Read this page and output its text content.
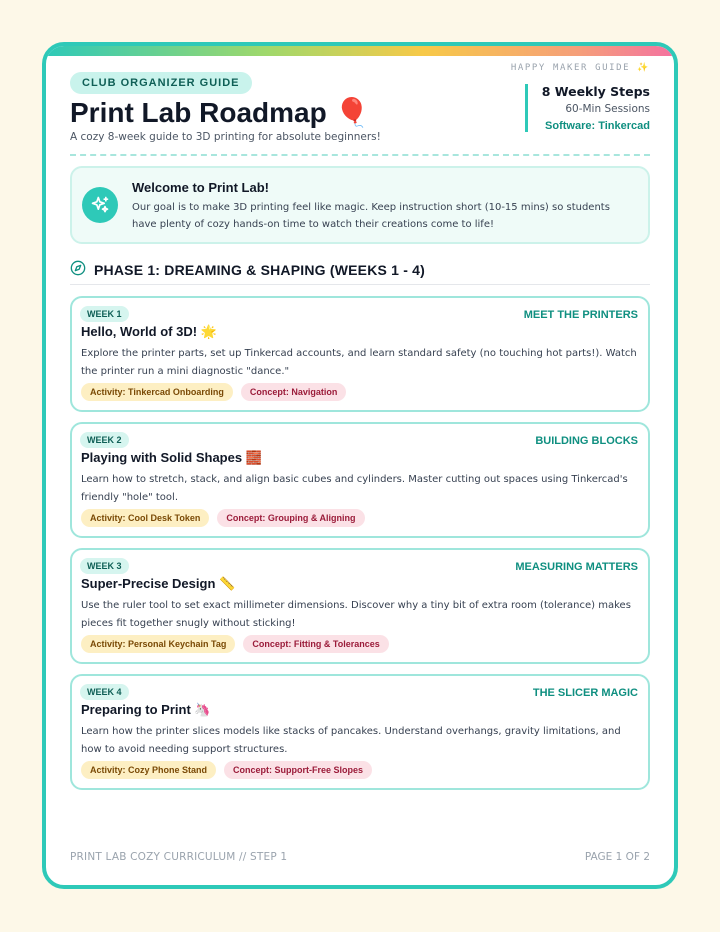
HAPPY MAKER GUIDE ✨
CLUB ORGANIZER GUIDE
Print Lab Roadmap 🎈
A cozy 8-week guide to 3D printing for absolute beginners!
8 Weekly Steps
60-Min Sessions
Software: Tinkercad
Welcome to Print Lab!
Our goal is to make 3D printing feel like magic. Keep instruction short (10-15 mins) so students have plenty of cozy hands-on time to watch their creations come to life!
PHASE 1: DREAMING & SHAPING (WEEKS 1 - 4)
WEEK 1	MEET THE PRINTERS
Hello, World of 3D! 🌟
Explore the printer parts, set up Tinkercad accounts, and learn standard safety (no touching hot parts!). Watch the printer run a mini diagnostic "dance."
Activity: Tinkercad Onboarding	Concept: Navigation
WEEK 2	BUILDING BLOCKS
Playing with Solid Shapes 🧱
Learn how to stretch, stack, and align basic cubes and cylinders. Master cutting out spaces using Tinkercad's friendly "hole" tool.
Activity: Cool Desk Token	Concept: Grouping & Aligning
WEEK 3	MEASURING MATTERS
Super-Precise Design 📏
Use the ruler tool to set exact millimeter dimensions. Discover why a tiny bit of extra room (tolerance) makes pieces fit together snugly without sticking!
Activity: Personal Keychain Tag	Concept: Fitting & Tolerances
WEEK 4	THE SLICER MAGIC
Preparing to Print 🦄
Learn how the printer slices models like stacks of pancakes. Understand overhangs, gravity limitations, and how to avoid needing support structures.
Activity: Cozy Phone Stand	Concept: Support-Free Slopes
PRINT LAB COZY CURRICULUM // STEP 1	PAGE 1 OF 2
